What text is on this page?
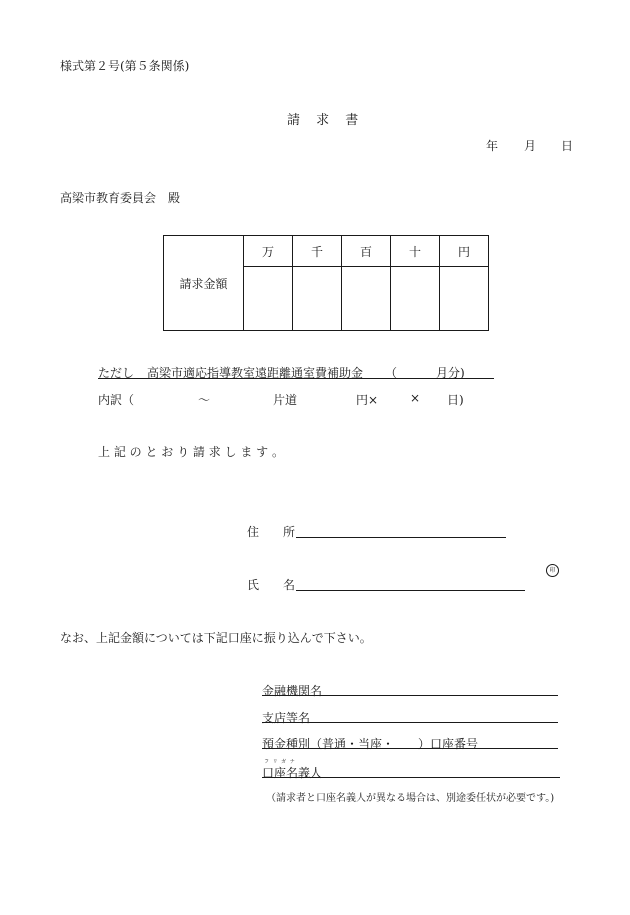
様式第２号(第５条関係)
請 求 書
年 月 日
高梁市教育委員会　殿
請求金額	万	千	百	十	円

ただし 高梁市適応指導教室遠距離通室費補助金 （	月分)
内訳（	～	片道	円×	× 日)
上 記 の と お り 請 求 し ま す 。
住　　所
氏　　名
印
なお、上記金額については下記口座に振り込んで下さい。
金融機関名
支店等名
預金種別（普通・当座・　　）口座番号
フ リ ガ ナ
口座名義人
（請求者と口座名義人が異なる場合は、別途委任状が必要です。)
